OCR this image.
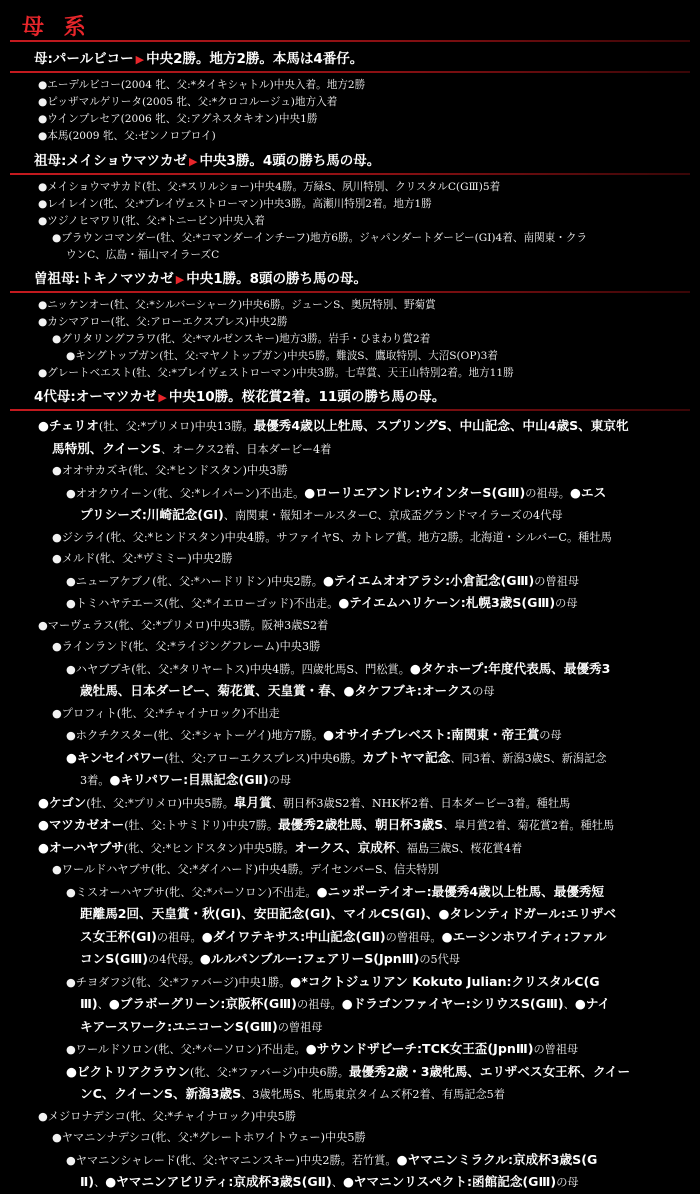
母 系
母:パールビコー ▶ 中央2勝。地方2勝。本馬は4番仔。
●エーデルビコー(2004 牝、父:*タイキシャトル)中央入着。地方2勝
●ピッザマルゲリータ(2005 牝、父:*クロコルージュ)地方入着
●ウインプレセア(2006 牝、父:アグネスタキオン)中央1勝
●本馬(2009 牝、父:ゼンノロブロイ)
祖母:メイショウマツカゼ ▶ 中央3勝。4頭の勝ち馬の母。
●メイショウマサカド(牡、父:*スリルショー)中央4勝。万緑S、夙川特別、クリスタルC(GⅢ)5着
●レイレイン(牝、父:*プレイヴェストローマン)中央3勝。高瀬川特別2着。地方1勝
●ツジノヒマワリ(牝、父:*トニービン)中央入着
●ブラウンコマンダー(牡、父:*コマンダーインチーフ)地方6勝。ジャパンダートダービー(GI)4着、南関東・クラ
ウンC、広島・福山マイラーズC
曽祖母:トキノマツカゼ ▶ 中央1勝。8頭の勝ち馬の母。
●ニッケンオー(牡、父:*シルバーシャーク)中央6勝。ジューンS、奥尻特別、野菊賞
●カシマアロー(牝、父:アローエクスプレス)中央2勝
●グリタリングフラワ(牝、父:*マルゼンスキー)地方3勝。岩手・ひまわり賞2着
●キングトップガン(牡、父:マヤノトップガン)中央5勝。難波S、鷹取特別、大沼S(OP)3着
●グレートベエスト(牡、父:*プレイヴェストローマン)中央3勝。七草賞、天王山特別2着。地方11勝
4代母:オーマツカゼ ▶ 中央10勝。桜花賞2着。11頭の勝ち馬の母。
●チェリオ(牡、父:*プリメロ)中央13勝。最優秀4歳以上牡馬、スプリングS、中山記念、中山4歳S、東京牝
馬特別、クイーンS、オークス2着、日本ダービー4着
●オオサカズキ(牝、父:*ヒンドスタン)中央3勝
●オオクウイーン(牝、父:*レイパーン)不出走。●ローリエアンドレ:ウインターS(GⅢ)の祖母。●エス
プリシーズ:川崎記念(GI)、南関東・報知オールスターC、京成盃グランドマイラーズの4代母
●ジシライ(牝、父:*ヒンドスタン)中央4勝。サファイヤS、カトレア賞。地方2勝。北海道・シルバーC。種牡馬
●メルド(牝、父:*ヴミミー)中央2勝
●ニューアケブノ(牝、父:*ハードリドン)中央2勝。●テイエムオオアラシ:小倉記念(GⅢ)の曾祖母
●トミハヤテエース(牝、父:*イエローゴッド)不出走。●テイエムハリケーン:札幌3歳S(GⅢ)の母
●マーヴェラス(牝、父:*プリメロ)中央3勝。阪神3歳S2着
●ラインランド(牝、父:*ライジングフレーム)中央3勝
●ハヤブブキ(牝、父:*タリヤートス)中央4勝。四歳牝馬S、門松賞。●タケホープ:年度代表馬、最優秀3
歳牡馬、日本ダービー、菊花賞、天皇賞・春、●タケフブキ:オークスの母
●プロフィト(牝、父:*チャイナロック)不出走
●ホクチクスター(牝、父:*シャトーゲイ)地方7勝。●オサイチブレベスト:南関東・帝王賞の母
●キンセイパワー(牡、父:アローエクスプレス)中央6勝。カブトヤマ記念、同3着、新潟3歳S、新潟記念
3着。●キリパワー:目黒記念(GⅡ)の母
●ケゴン(牡、父:*プリメロ)中央5勝。皐月賞、朝日杯3歳S2着、NHK杯2着、日本ダービー3着。種牡馬
●マツカゼオー(牡、父:トサミドリ)中央7勝。最優秀2歳牡馬、朝日杯3歳S、皐月賞2着、菊花賞2着。種牡馬
●オーハヤブサ(牝、父:*ヒンドスタン)中央5勝。オークス、京成杯、福島三歳S、桜花賞4着
●ワールドハヤブサ(牝、父:*ダイハード)中央4勝。デイセンバーS、信夫特別
●ミスオーハヤブサ(牝、父:*パーソロン)不出走。●ニッポーテイオー:最優秀4歳以上牡馬、最優秀短
距離馬2回、天皇賞・秋(GI)、安田記念(GI)、マイルCS(GI)、●タレンティドガール:エリザベ
ス女王杯(GI)の祖母。●ダイワテキサス:中山記念(GⅡ)の曾祖母。●エーシンホワイティ:ファル
コンS(GⅢ)の4代母。●ルルパンブルー:フェアリーS(JpnⅢ)の5代母
●チヨダフジ(牝、父:*ファバージ)中央1勝。●*コクトジュリアン Kokuto Julian:クリスタルC(G
Ⅲ)、●ブラボーグリーン:京阪杯(GⅢ)の祖母。●ドラゴンファイヤー:シリウスS(GⅢ)、●ナイ
キアースワーク:ユニコーンS(GⅢ)の曾祖母
●ワールドソロン(牝、父:*パーソロン)不出走。●サウンドザビーチ:TCK女王盃(JpnⅢ)の曾祖母
●ビクトリアクラウン(牝、父:*ファバージ)中央6勝。最優秀2歳・3歳牝馬、エリザベス女王杯、クイー
ンC、クイーンS、新潟3歳S、3歳牝馬S、牝馬東京タイムズ杯2着、有馬記念5着
●メジロナデシコ(牝、父:*チャイナロック)中央5勝
●ヤマニンナデシコ(牝、父:*グレートホワイトウェー)中央5勝
●ヤマニンシャレード(牝、父:ヤマニンスキー)中央2勝。若竹賞。●ヤマニンミラクル:京成杯3歳S(G
Ⅱ)、●ヤマニンアビリティ:京成杯3歳S(GⅡ)、●ヤマニンリスペクト:函館記念(GⅢ)の母
